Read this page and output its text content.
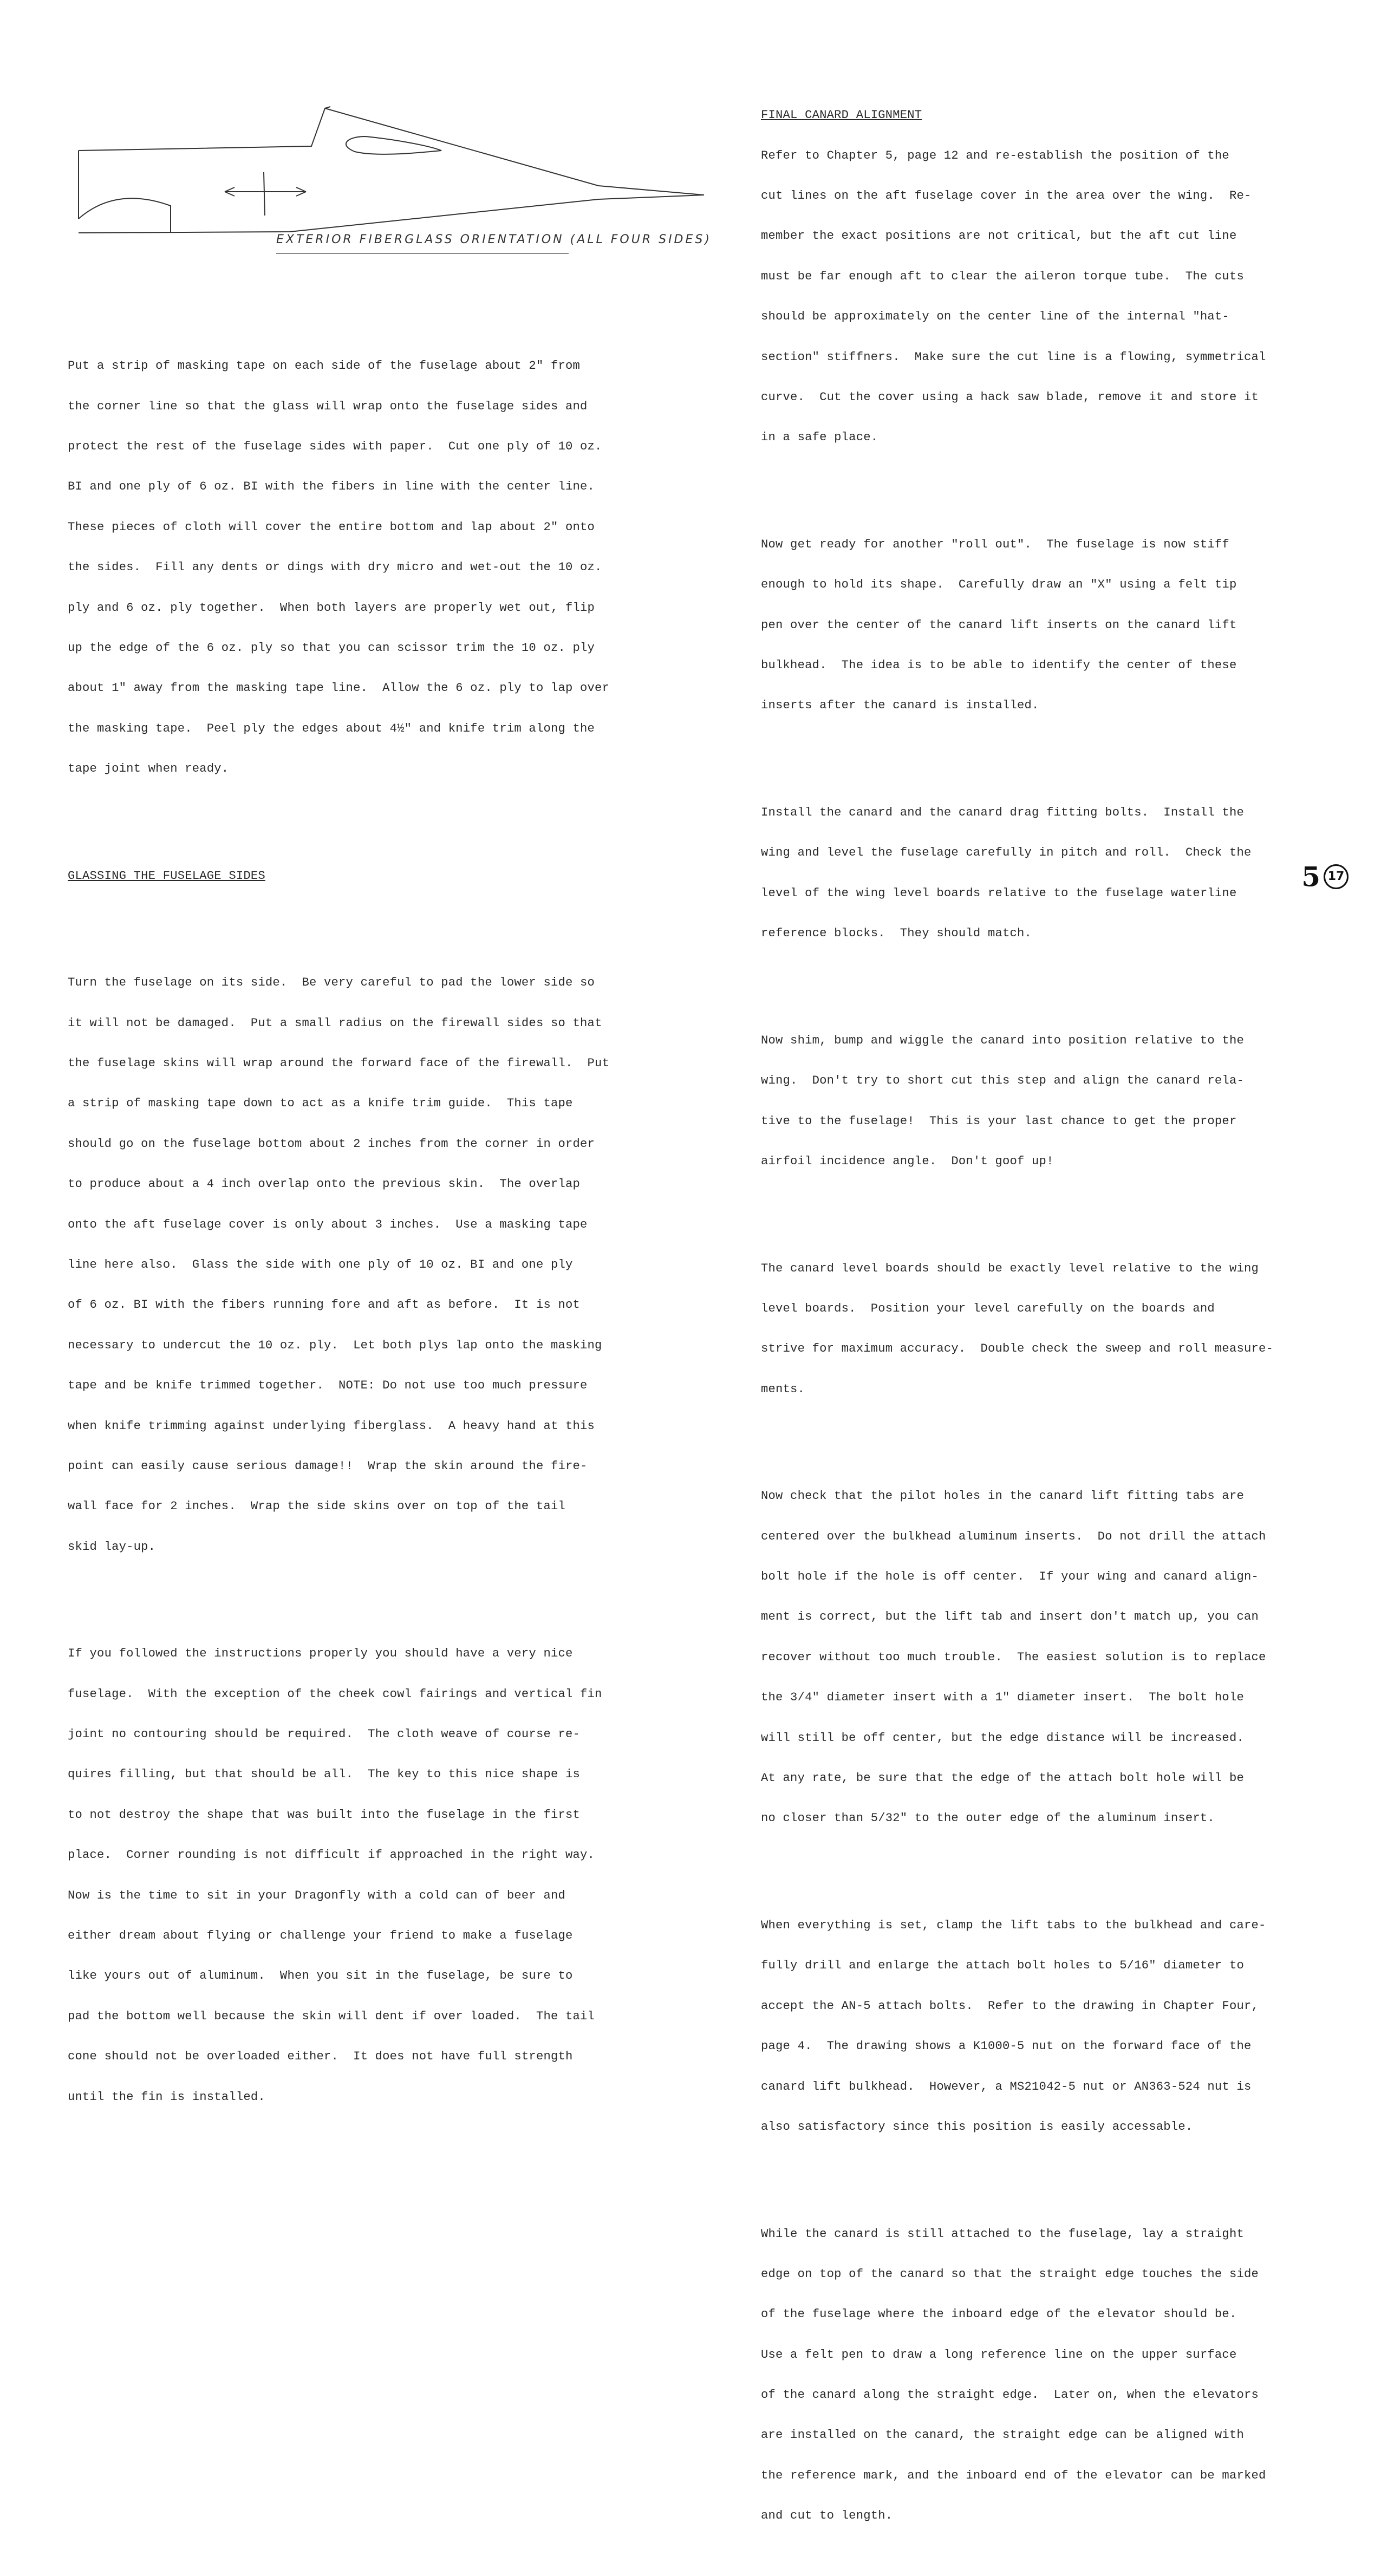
EXTERIOR FIBERGLASS ORIENTATION (ALL FOUR SIDES)

Put a strip of masking tape on each side of the fuselage about 2" from

the corner line so that the glass will wrap onto the fuselage sides and

protect the rest of the fuselage sides with paper.  Cut one ply of 10 oz.

BI and one ply of 6 oz. BI with the fibers in line with the center line.

These pieces of cloth will cover the entire bottom and lap about 2" onto

the sides.  Fill any dents or dings with dry micro and wet-out the 10 oz.

ply and 6 oz. ply together.  When both layers are properly wet out, flip

up the edge of the 6 oz. ply so that you can scissor trim the 10 oz. ply

about 1" away from the masking tape line.  Allow the 6 oz. ply to lap over

the masking tape.  Peel ply the edges about 4½" and knife trim along the

tape joint when ready.

GLASSING THE FUSELAGE SIDES

Turn the fuselage on its side.  Be very careful to pad the lower side so

it will not be damaged.  Put a small radius on the firewall sides so that

the fuselage skins will wrap around the forward face of the firewall.  Put

a strip of masking tape down to act as a knife trim guide.  This tape

should go on the fuselage bottom about 2 inches from the corner in order

to produce about a 4 inch overlap onto the previous skin.  The overlap

onto the aft fuselage cover is only about 3 inches.  Use a masking tape

line here also.  Glass the side with one ply of 10 oz. BI and one ply

of 6 oz. BI with the fibers running fore and aft as before.  It is not

necessary to undercut the 10 oz. ply.  Let both plys lap onto the masking

tape and be knife trimmed together.  NOTE: Do not use too much pressure

when knife trimming against underlying fiberglass.  A heavy hand at this

point can easily cause serious damage!!  Wrap the skin around the fire-

wall face for 2 inches.  Wrap the side skins over on top of the tail

skid lay-up.

If you followed the instructions properly you should have a very nice

fuselage.  With the exception of the cheek cowl fairings and vertical fin

joint no contouring should be required.  The cloth weave of course re-

quires filling, but that should be all.  The key to this nice shape is

to not destroy the shape that was built into the fuselage in the first

place.  Corner rounding is not difficult if approached in the right way.

Now is the time to sit in your Dragonfly with a cold can of beer and

either dream about flying or challenge your friend to make a fuselage

like yours out of aluminum.  When you sit in the fuselage, be sure to

pad the bottom well because the skin will dent if over loaded.  The tail

cone should not be overloaded either.  It does not have full strength

until the fin is installed.

FINAL CANARD ALIGNMENT

Refer to Chapter 5, page 12 and re-establish the position of the

cut lines on the aft fuselage cover in the area over the wing.  Re-

member the exact positions are not critical, but the aft cut line

must be far enough aft to clear the aileron torque tube.  The cuts

should be approximately on the center line of the internal "hat-

section" stiffners.  Make sure the cut line is a flowing, symmetrical

curve.  Cut the cover using a hack saw blade, remove it and store it

in a safe place.

Now get ready for another "roll out".  The fuselage is now stiff

enough to hold its shape.  Carefully draw an "X" using a felt tip

pen over the center of the canard lift inserts on the canard lift

bulkhead.  The idea is to be able to identify the center of these

inserts after the canard is installed.

Install the canard and the canard drag fitting bolts.  Install the

wing and level the fuselage carefully in pitch and roll.  Check the

level of the wing level boards relative to the fuselage waterline

reference blocks.  They should match.

Now shim, bump and wiggle the canard into position relative to the

wing.  Don't try to short cut this step and align the canard rela-

tive to the fuselage!  This is your last chance to get the proper

airfoil incidence angle.  Don't goof up!

The canard level boards should be exactly level relative to the wing

level boards.  Position your level carefully on the boards and

strive for maximum accuracy.  Double check the sweep and roll measure-

ments.

Now check that the pilot holes in the canard lift fitting tabs are

centered over the bulkhead aluminum inserts.  Do not drill the attach

bolt hole if the hole is off center.  If your wing and canard align-

ment is correct, but the lift tab and insert don't match up, you can

recover without too much trouble.  The easiest solution is to replace

the 3/4" diameter insert with a 1" diameter insert.  The bolt hole

will still be off center, but the edge distance will be increased.

At any rate, be sure that the edge of the attach bolt hole will be

no closer than 5/32" to the outer edge of the aluminum insert.

When everything is set, clamp the lift tabs to the bulkhead and care-

fully drill and enlarge the attach bolt holes to 5/16" diameter to

accept the AN-5 attach bolts.  Refer to the drawing in Chapter Four,

page 4.  The drawing shows a K1000-5 nut on the forward face of the

canard lift bulkhead.  However, a MS21042-5 nut or AN363-524 nut is

also satisfactory since this position is easily accessable.

While the canard is still attached to the fuselage, lay a straight

edge on top of the canard so that the straight edge touches the side

of the fuselage where the inboard edge of the elevator should be.

Use a felt pen to draw a long reference line on the upper surface

of the canard along the straight edge.  Later on, when the elevators

are installed on the canard, the straight edge can be aligned with

the reference mark, and the inboard end of the elevator can be marked

and cut to length.

5 17
